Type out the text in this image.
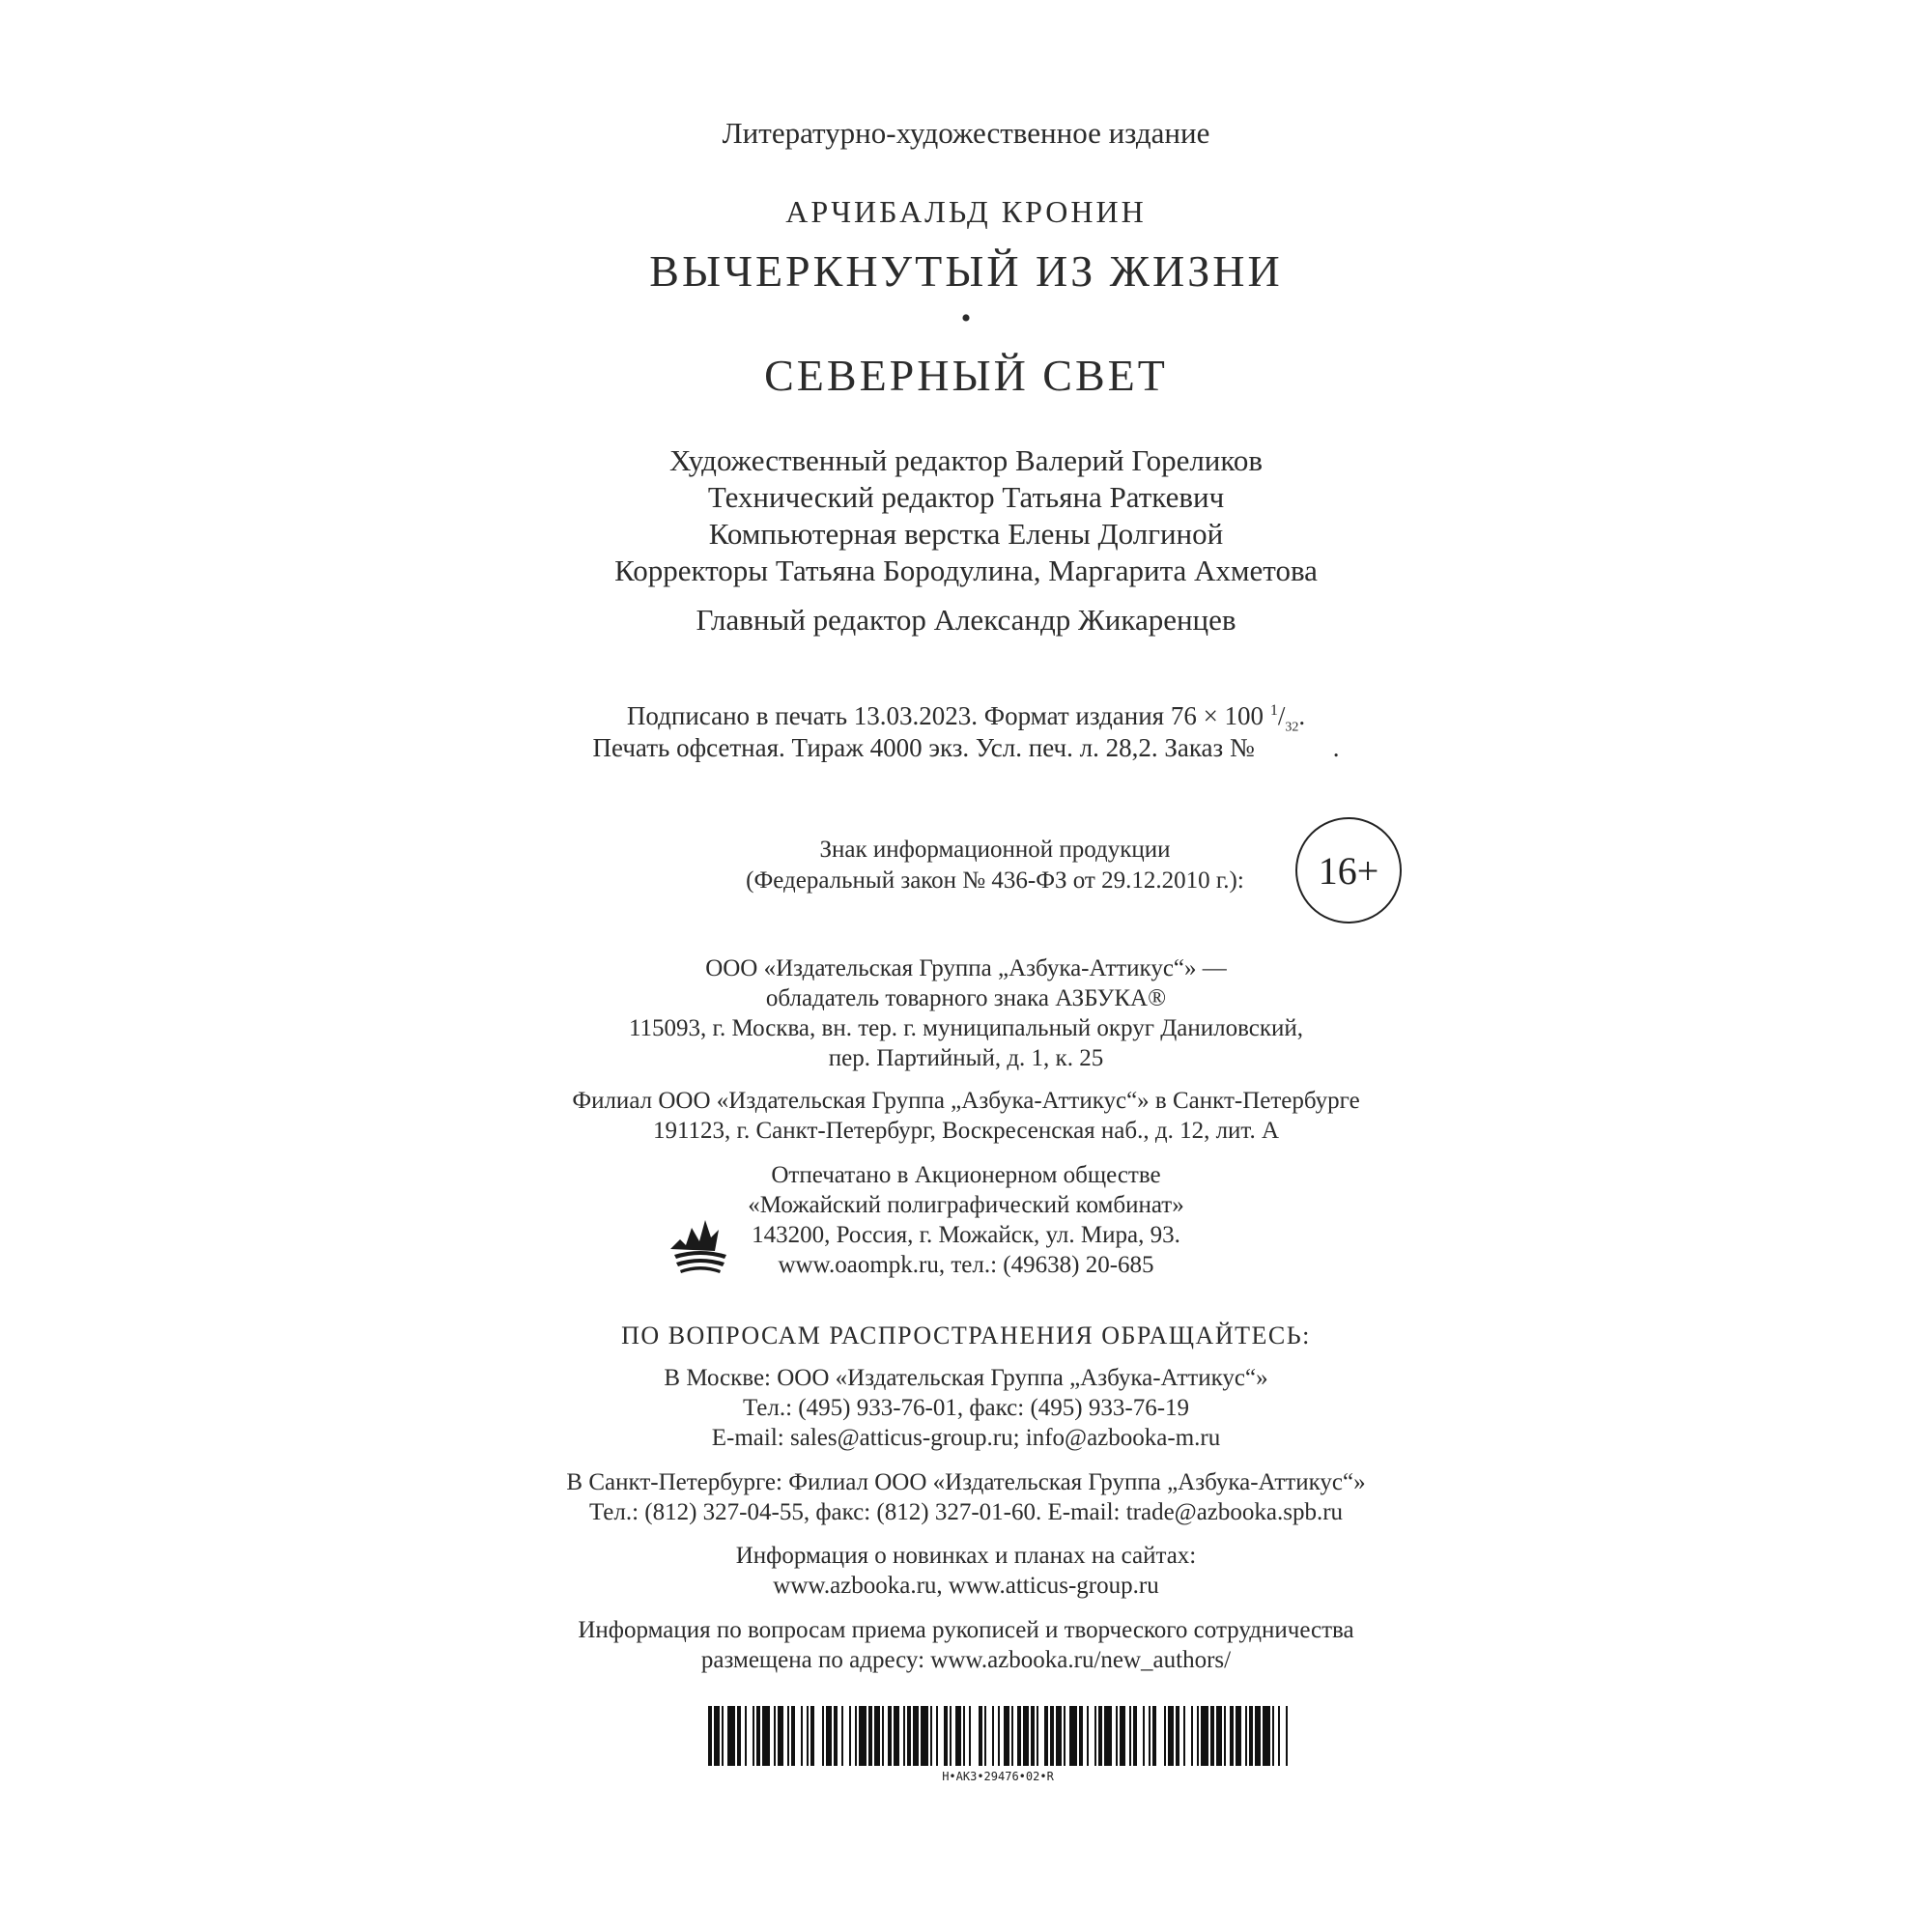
Литературно-художественное издание
АРЧИБАЛЬД КРОНИН
ВЫЧЕРКНУТЫЙ ИЗ ЖИЗНИ
•
СЕВЕРНЫЙ СВЕТ
Художественный редактор Валерий Гореликов
Технический редактор Татьяна Раткевич
Компьютерная верстка Елены Долгиной
Корректоры Татьяна Бородулина, Маргарита Ахметова
Главный редактор Александр Жикаренцев
Подписано в печать 13.03.2023. Формат издания 76 × 100 $^1/_{32}$.
Печать офсетная. Тираж 4000 экз. Усл. печ. л. 28,2. Заказ №            .
Знак информационной продукции
(Федеральный закон № 436-ФЗ от 29.12.2010 г.):	16+
ООО «Издательская Группа „Азбука-Аттикус“» —
обладатель товарного знака АЗБУКА®
115093, г. Москва, вн. тер. г. муниципальный округ Даниловский,
пер. Партийный, д. 1, к. 25
Филиал ООО «Издательская Группа „Азбука-Аттикус“» в Санкт-Петербурге
191123, г. Санкт-Петербург, Воскресенская наб., д. 12, лит. А
Отпечатано в Акционерном обществе
«Можайский полиграфический комбинат»
143200, Россия, г. Можайск, ул. Мира, 93.
www.oaompk.ru, тел.: (49638) 20-685
ПО ВОПРОСАМ РАСПРОСТРАНЕНИЯ ОБРАЩАЙТЕСЬ:
В Москве: ООО «Издательская Группа „Азбука-Аттикус“»
Тел.: (495) 933-76-01, факс: (495) 933-76-19
E-mail: sales@atticus-group.ru; info@azbooka-m.ru
В Санкт-Петербурге: Филиал ООО «Издательская Группа „Азбука-Аттикус“»
Тел.: (812) 327-04-55, факс: (812) 327-01-60. E-mail: trade@azbooka.spb.ru
Информация о новинках и планах на сайтах:
www.azbooka.ru, www.atticus-group.ru
Информация по вопросам приема рукописей и творческого сотрудничества
размещена по адресу: www.azbooka.ru/new_authors/
H•AK3•29476•02•R
